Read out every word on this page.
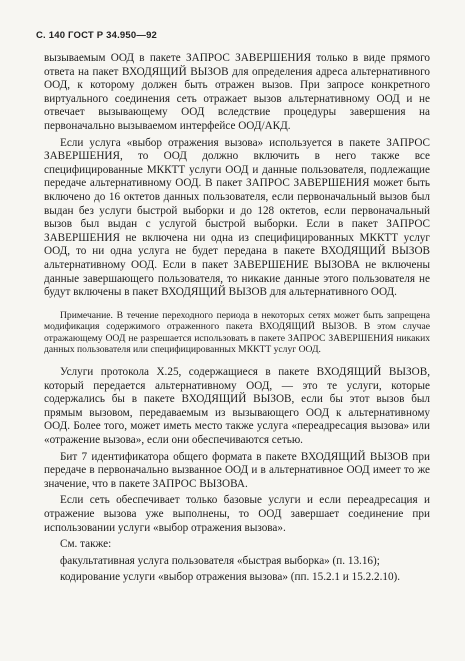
С. 140 ГОСТ Р 34.950—92

вызываемым ООД в пакете ЗАПРОС ЗАВЕРШЕНИЯ только в виде прямого ответа на пакет ВХОДЯЩИЙ ВЫЗОВ для определения адреса альтернативного ООД, к которому должен быть отражен вызов. При запросе конкретного виртуального соединения сеть отражает вызов альтернативному ООД и не отвечает вызывающему ООД вследствие процедуры завершения на первоначально вызываемом интерфейсе ООД/АКД.

Если услуга «выбор отражения вызова» используется в пакете ЗАПРОС ЗАВЕРШЕНИЯ, то ООД должно включить в него также все специфицированные МККТТ услуги ООД и данные пользователя, подлежащие передаче альтернативному ООД. В пакет ЗАПРОС ЗАВЕРШЕНИЯ может быть включено до 16 октетов данных пользователя, если первоначальный вызов был выдан без услуги быстрой выборки и до 128 октетов, если первоначальный вызов был выдан с услугой быстрой выборки. Если в пакет ЗАПРОС ЗАВЕРШЕНИЯ не включена ни одна из специфицированных МККТТ услуг ООД, то ни одна услуга не будет передана в пакете ВХОДЯЩИЙ ВЫЗОВ альтернативному ООД. Если в пакет ЗАВЕРШЕНИЕ ВЫЗОВА не включены данные завершающего пользователя, то никакие данные этого пользователя не будут включены в пакет ВХОДЯЩИЙ ВЫЗОВ для альтернативного ООД.

Примечание. В течение переходного периода в некоторых сетях может быть запрещена модификация содержимого отраженного пакета ВХОДЯЩИЙ ВЫЗОВ. В этом случае отражающему ООД не разрешается использовать в пакете ЗАПРОС ЗАВЕРШЕНИЯ никаких данных пользователя или специфицированных МККТТ услуг ООД.

Услуги протокола Х.25, содержащиеся в пакете ВХОДЯЩИЙ ВЫЗОВ, который передается альтернативному ООД, — это те услуги, которые содержались бы в пакете ВХОДЯЩИЙ ВЫЗОВ, если бы этот вызов был прямым вызовом, передаваемым из вызывающего ООД к альтернативному ООД. Более того, может иметь место также услуга «переадресация вызова» или «отражение вызова», если они обеспечиваются сетью.

Бит 7 идентификатора общего формата в пакете ВХОДЯЩИЙ ВЫЗОВ при передаче в первоначально вызванное ООД и в альтернативное ООД имеет то же значение, что в пакете ЗАПРОС ВЫЗОВА.

Если сеть обеспечивает только базовые услуги и если переадресация и отражение вызова уже выполнены, то ООД завершает соединение при использовании услуги «выбор отражения вызова».

См. также:

факультативная услуга пользователя «быстрая выборка» (п. 13.16);

кодирование услуги «выбор отражения вызова» (пп. 15.2.1 и 15.2.2.10).
